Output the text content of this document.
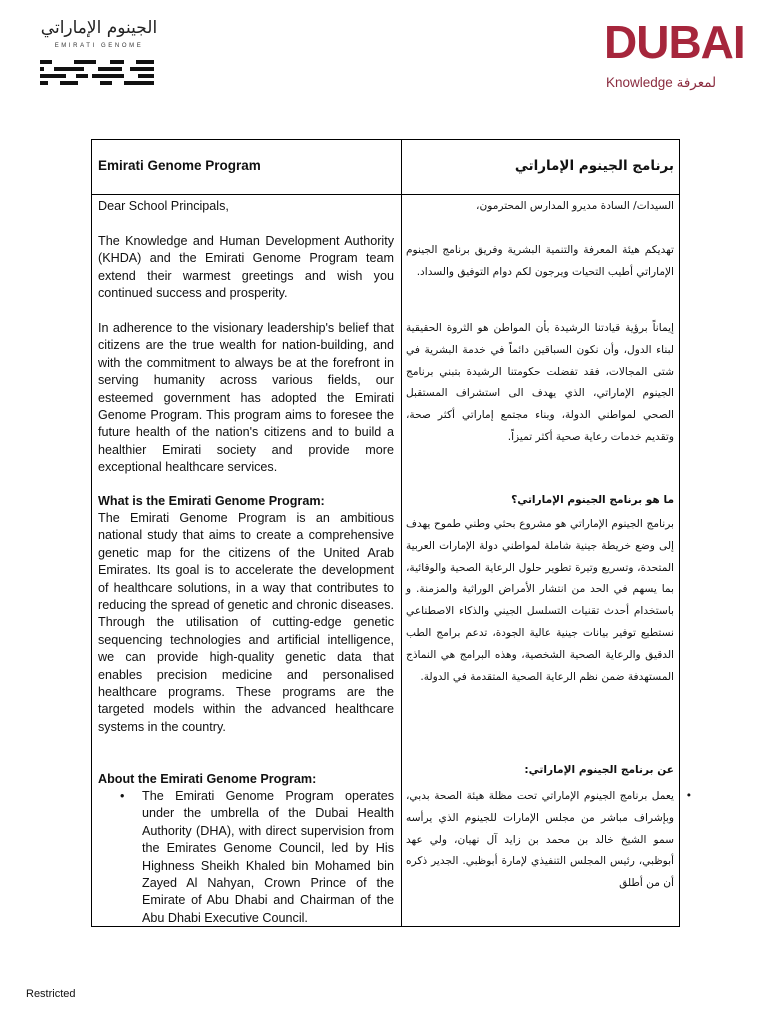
الجينوم الإماراتي
EMIRATI GENOME	DUBAI
Knowledge لمعرفة
Emirati Genome Program	برنامج الجينوم الإماراتي
Dear School Principals,
The Knowledge and Human Development Authority (KHDA) and the Emirati Genome Program team extend their warmest greetings and wish you continued success and prosperity.
In adherence to the visionary leadership's belief that citizens are the true wealth for nation-building, and with the commitment to always be at the forefront in serving humanity across various fields, our esteemed government has adopted the Emirati Genome Program. This program aims to foresee the future health of the nation's citizens and to build a healthier Emirati society and provide more exceptional healthcare services.
What is the Emirati Genome Program:
The Emirati Genome Program is an ambitious national study that aims to create a comprehensive genetic map for the citizens of the United Arab Emirates. Its goal is to accelerate the development of healthcare solutions, in a way that contributes to reducing the spread of genetic and chronic diseases. Through the utilisation of cutting-edge genetic sequencing technologies and artificial intelligence, we can provide high-quality genetic data that enables precision medicine and personalised healthcare programs. These programs are the targeted models within the advanced healthcare systems in the country.
About the Emirati Genome Program:
• The Emirati Genome Program operates under the umbrella of the Dubai Health Authority (DHA), with direct supervision from the Emirates Genome Council, led by His Highness Sheikh Khaled bin Mohamed bin Zayed Al Nahyan, Crown Prince of the Emirate of Abu Dhabi and Chairman of the Abu Dhabi Executive Council.
السيدات/ السادة مديرو المدارس المحترمون،
تهديكم هيئة المعرفة والتنمية البشرية وفريق برنامج الجينوم الإماراتي أطيب التحيات ويرجون لكم دوام التوفيق والسداد.
إيماناً برؤية قيادتنا الرشيدة بأن المواطن هو الثروة الحقيقية لبناء الدول، وأن نكون السباقين دائماً في خدمة البشرية في شتى المجالات، فقد تفضلت حكومتنا الرشيدة بتبني برنامج الجينوم الإماراتي، الذي يهدف الى استشراف المستقبل الصحي لمواطني الدولة، وبناء مجتمع إماراتي أكثر صحة، وتقديم خدمات رعاية صحية أكثر تميزاً.
ما هو برنامج الجينوم الإماراتي؟
برنامج الجينوم الإماراتي هو مشروع بحثي وطني طموح يهدف إلى وضع خريطة جينية شاملة لمواطني دولة الإمارات العربية المتحدة، وتسريع وتيرة تطوير حلول الرعاية الصحية والوقائية، بما يسهم في الحد من انتشار الأمراض الوراثية والمزمنة. و باستخدام أحدث تقنيات التسلسل الجيني والذكاء الاصطناعي نستطيع توفير بيانات جينية عالية الجودة، تدعم برامج الطب الدقيق والرعاية الصحية الشخصية، وهذه البرامج هي النماذج المستهدفة ضمن نظم الرعاية الصحية المتقدمة في الدولة.
عن برنامج الجينوم الإماراتي:
•
يعمل برنامج الجينوم الإماراتي تحت مظلة هيئة الصحة بدبي، وبإشراف مباشر من مجلس الإمارات للجينوم الذي يرأسه سمو الشيخ خالد بن محمد بن زايد آل نهيان، ولي عهد أبوظبي، رئيس المجلس التنفيذي لإمارة أبوظبي. الجدير ذكره أن من أطلق
Restricted
